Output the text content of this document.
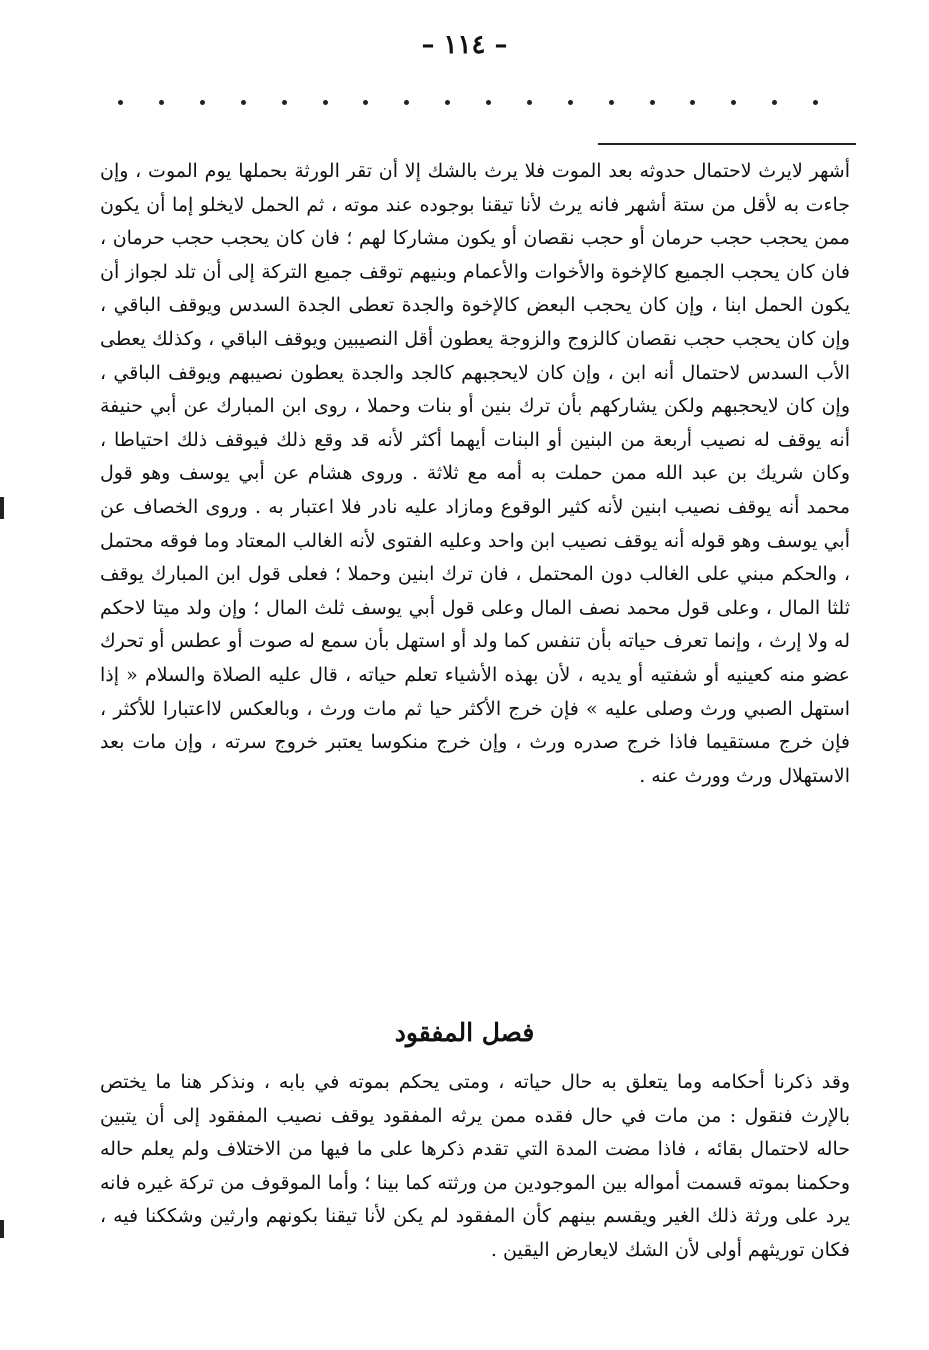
– ١١٤ –

أشهر لايرث لاحتمال حدوثه بعد الموت فلا يرث بالشك إلا أن تقر الورثة بحملها يوم الموت ، وإن جاءت به لأقل من ستة أشهر فانه يرث لأنا تيقنا بوجوده عند موته ، ثم الحمل لايخلو إما أن يكون ممن يحجب حجب حرمان أو حجب نقصان أو يكون مشاركا لهم ؛ فان كان يحجب حجب حرمان ، فان كان يحجب الجميع كالإخوة والأخوات والأعمام وبنيهم توقف جميع التركة إلى أن تلد لجواز أن يكون الحمل ابنا ، وإن كان يحجب البعض كالإخوة والجدة تعطى الجدة السدس ويوقف الباقي ، وإن كان يحجب حجب نقصان كالزوج والزوجة يعطون أقل النصيبين ويوقف الباقي ، وكذلك يعطى الأب السدس لاحتمال أنه ابن ، وإن كان لايحجبهم كالجد والجدة يعطون نصيبهم ويوقف الباقي ، وإن كان لايحجبهم ولكن يشاركهم بأن ترك بنين أو بنات وحملا ، روى ابن المبارك عن أبي حنيفة أنه يوقف له نصيب أربعة من البنين أو البنات أيهما أكثر لأنه قد وقع ذلك فيوقف ذلك احتياطا ، وكان شريك بن عبد الله ممن حملت به أمه مع ثلاثة . وروى هشام عن أبي يوسف وهو قول محمد أنه يوقف نصيب ابنين لأنه كثير الوقوع ومازاد عليه نادر فلا اعتبار به . وروى الخصاف عن أبي يوسف وهو قوله أنه يوقف نصيب ابن واحد وعليه الفتوى لأنه الغالب المعتاد وما فوقه محتمل ، والحكم مبني على الغالب دون المحتمل ، فان ترك ابنين وحملا ؛ فعلى قول ابن المبارك يوقف ثلثا المال ، وعلى قول محمد نصف المال وعلى قول أبي يوسف ثلث المال ؛ وإن ولد ميتا لاحكم له ولا إرث ، وإنما تعرف حياته بأن تنفس كما ولد أو استهل بأن سمع له صوت أو عطس أو تحرك عضو منه كعينيه أو شفتيه أو يديه ، لأن بهذه الأشياء تعلم حياته ، قال عليه الصلاة والسلام « إذا استهل الصبي ورث وصلى عليه » فإن خرج الأكثر حيا ثم مات ورث ، وبالعكس لااعتبارا للأكثر ، فإن خرج مستقيما فاذا خرج صدره ورث ، وإن خرج منكوسا يعتبر خروج سرته ، وإن مات بعد الاستهلال ورث وورث عنه .

فصل المفقود

وقد ذكرنا أحكامه وما يتعلق به حال حياته ، ومتى يحكم بموته في بابه ، ونذكر هنا ما يختص بالإرث فنقول : من مات في حال فقده ممن يرثه المفقود يوقف نصيب المفقود إلى أن يتبين حاله لاحتمال بقائه ، فاذا مضت المدة التي تقدم ذكرها على ما فيها من الاختلاف ولم يعلم حاله وحكمنا بموته قسمت أمواله بين الموجودين من ورثته كما بينا ؛ وأما الموقوف من تركة غيره فانه يرد على ورثة ذلك الغير ويقسم بينهم كأن المفقود لم يكن لأنا تيقنا بكونهم وارثين وشككنا فيه ، فكان توريثهم أولى لأن الشك لايعارض اليقين .
